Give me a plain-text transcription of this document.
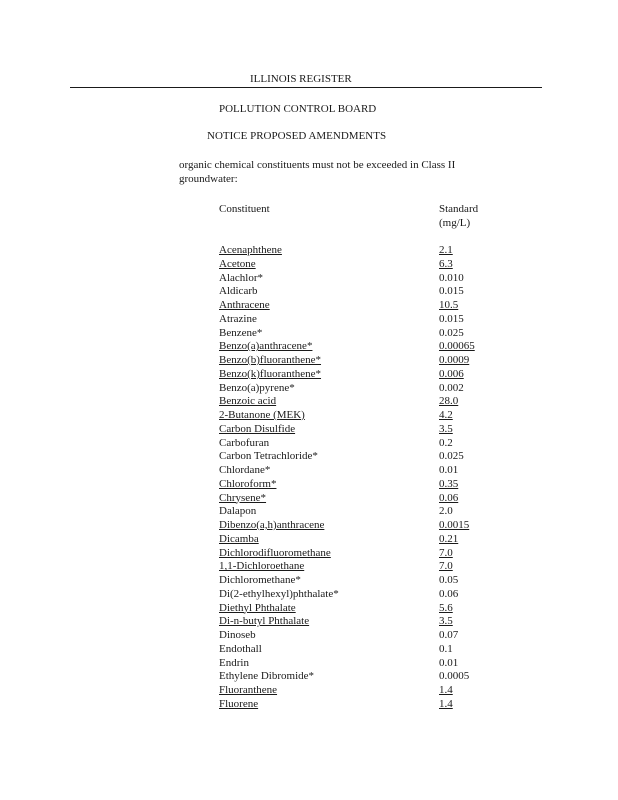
ILLINOIS REGISTER
POLLUTION CONTROL BOARD
NOTICE PROPOSED AMENDMENTS
organic chemical constituents must not be exceeded in Class II groundwater:
Constituent	Standard
(mg/L)
Acenaphthene	2.1
Acetone	6.3
Alachlor*	0.010
Aldicarb	0.015
Anthracene	10.5
Atrazine	0.015
Benzene*	0.025
Benzo(a)anthracene*	0.00065
Benzo(b)fluoranthene*	0.0009
Benzo(k)fluoranthene*	0.006
Benzo(a)pyrene*	0.002
Benzoic acid	28.0
2-Butanone (MEK)	4.2
Carbon Disulfide	3.5
Carbofuran	0.2
Carbon Tetrachloride*	0.025
Chlordane*	0.01
Chloroform*	0.35
Chrysene*	0.06
Dalapon	2.0
Dibenzo(a,h)anthracene	0.0015
Dicamba	0.21
Dichlorodifluoromethane	7.0
1,1-Dichloroethane	7.0
Dichloromethane*	0.05
Di(2-ethylhexyl)phthalate*	0.06
Diethyl Phthalate	5.6
Di-n-butyl Phthalate	3.5
Dinoseb	0.07
Endothall	0.1
Endrin	0.01
Ethylene Dibromide*	0.0005
Fluoranthene	1.4
Fluorene	1.4
